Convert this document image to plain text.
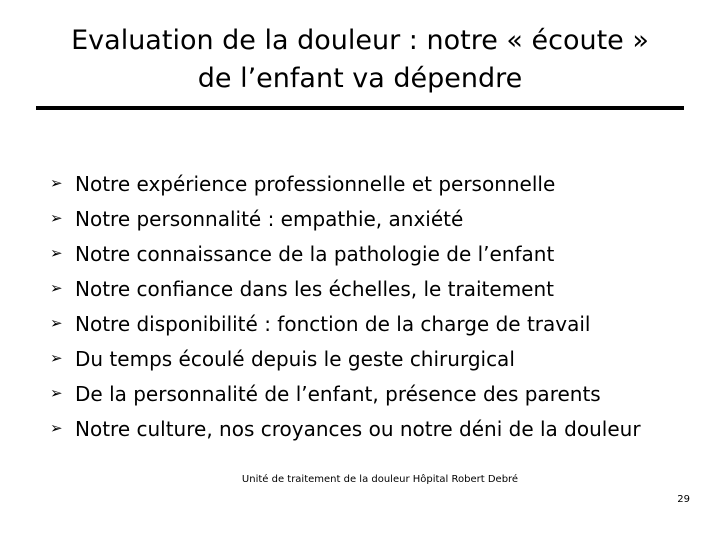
Evaluation de la douleur : notre « écoute »
de l’enfant va dépendre
➢ Notre expérience professionnelle et personnelle
➢ Notre personnalité : empathie, anxiété
➢ Notre connaissance de la pathologie de l’enfant
➢ Notre confiance dans les échelles, le traitement
➢ Notre disponibilité : fonction de la charge de travail
➢ Du temps écoulé depuis le geste chirurgical
➢ De la personnalité de l’enfant, présence des parents
➢ Notre culture, nos croyances ou notre déni de la douleur
Unité de traitement de la douleur Hôpital Robert Debré
29
